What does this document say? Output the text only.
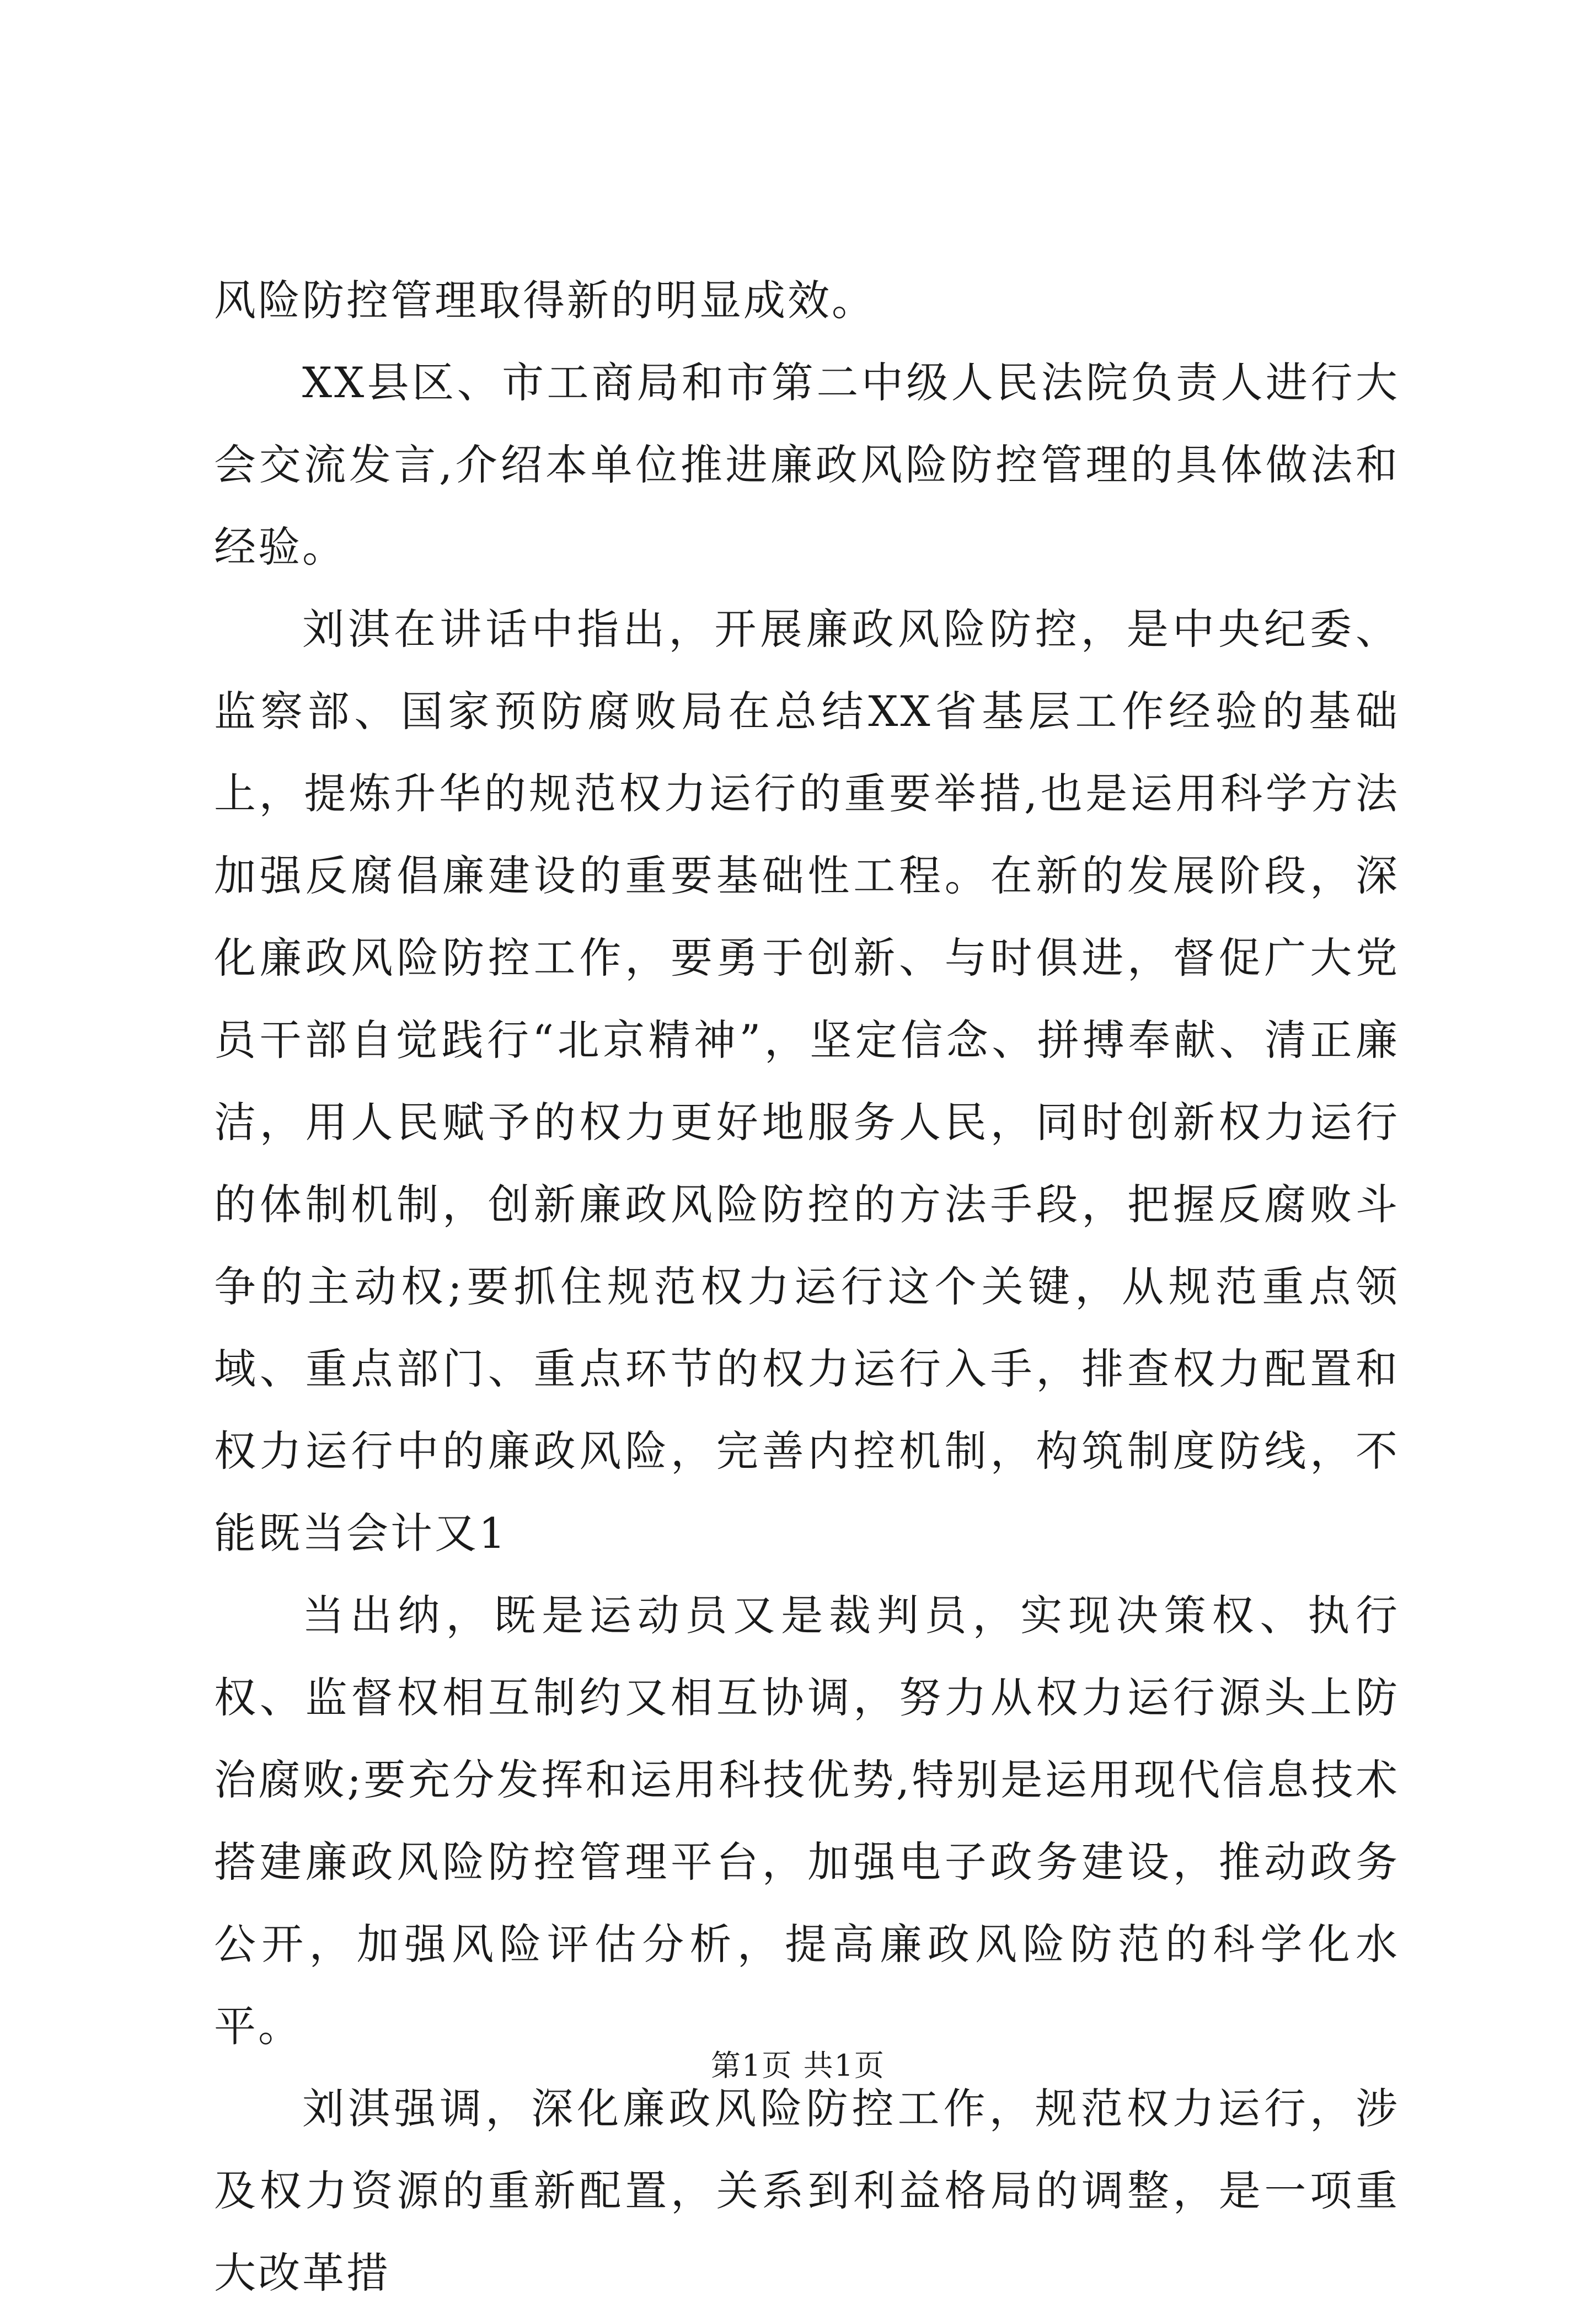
风险防控管理取得新的明显成效。

XX县区、市工商局和市第二中级人民法院负责人进行大会交流发言,介绍本单位推进廉政风险防控管理的具体做法和经验。

刘淇在讲话中指出，开展廉政风险防控，是中央纪委、监察部、国家预防腐败局在总结XX省基层工作经验的基础上，提炼升华的规范权力运行的重要举措,也是运用科学方法加强反腐倡廉建设的重要基础性工程。在新的发展阶段，深化廉政风险防控工作，要勇于创新、与时俱进，督促广大党员干部自觉践行“北京精神”，坚定信念、拼搏奉献、清正廉洁，用人民赋予的权力更好地服务人民，同时创新权力运行的体制机制，创新廉政风险防控的方法手段，把握反腐败斗争的主动权;要抓住规范权力运行这个关键，从规范重点领域、重点部门、重点环节的权力运行入手，排查权力配置和权力运行中的廉政风险，完善内控机制，构筑制度防线，不能既当会计又1

当出纳，既是运动员又是裁判员，实现决策权、执行权、监督权相互制约又相互协调，努力从权力运行源头上防治腐败;要充分发挥和运用科技优势,特别是运用现代信息技术搭建廉政风险防控管理平台，加强电子政务建设，推动政务公开，加强风险评估分析，提高廉政风险防范的科学化水平。

刘淇强调，深化廉政风险防控工作，规范权力运行，涉及权力资源的重新配置，关系到利益格局的调整，是一项重大改革措

第1页 共1页
